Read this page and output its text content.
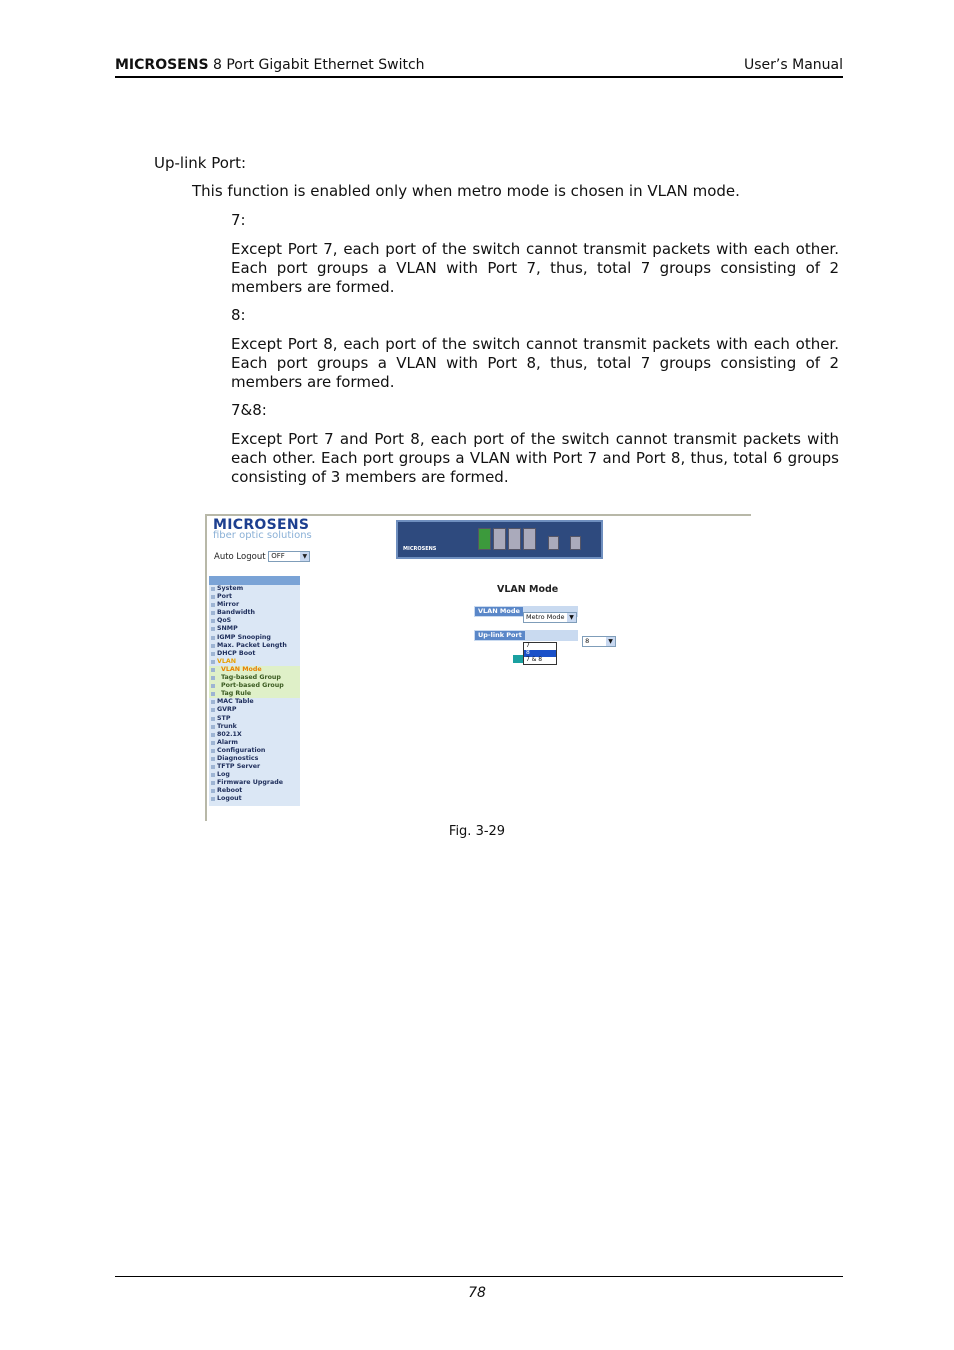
MICROSENS 8 Port Gigabit Ethernet Switch	User’s Manual
Up-link Port:
This function is enabled only when metro mode is chosen in VLAN mode.
7:
Except Port 7, each port of the switch cannot transmit packets with each other. Each port groups a VLAN with Port 7, thus, total 7 groups consisting of 2 members are formed.
8:
Except Port 8, each port of the switch cannot transmit packets with each other. Each port groups a VLAN with Port 8, thus, total 7 groups consisting of 2 members are formed.
7&8:
Except Port 7 and Port 8, each port of the switch cannot transmit packets with each other. Each port groups a VLAN with Port 7 and Port 8, thus, total 6 groups consisting of 3 members are formed.
MICROSENS
fiber optic solutions
Auto Logout OFF	▼
System
Port
Mirror
Bandwidth
QoS
SNMP
IGMP Snooping
Max. Packet Length
DHCP Boot
VLAN
VLAN Mode
Tag-based Group
Port-based Group
Tag Rule
MAC Table
GVRP
STP
Trunk
802.1X
Alarm
Configuration
Diagnostics
TFTP Server
Log
Firmware Upgrade
Reboot
Logout
MICROSENS
VLAN Mode
VLAN Mode
Metro Mode ▼

Up-link Port
8	▼
7
8
7 & 8
Fig. 3-29
78
